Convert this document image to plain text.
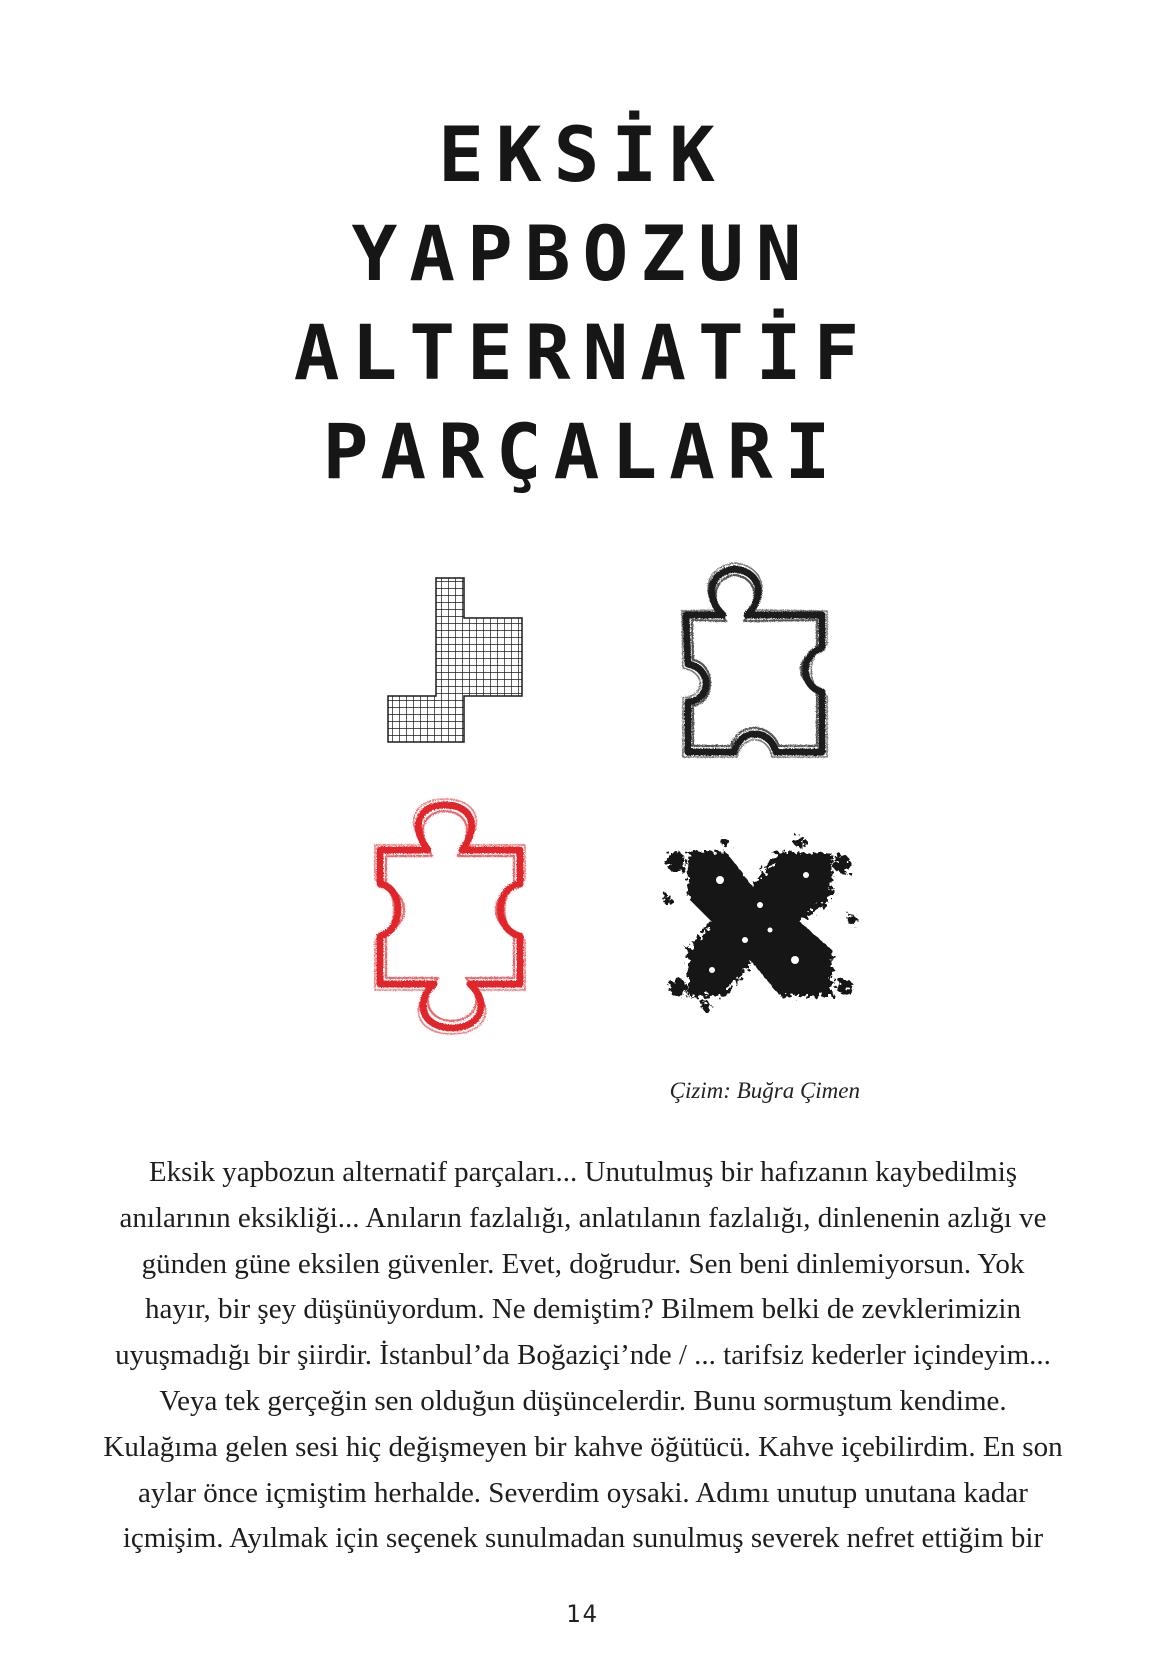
EKSİK
YAPBOZUN
ALTERNATİF
PARÇALARI
Çizim: Buğra Çimen

Eksik yapbozun alternatif parçaları... Unutulmuş bir hafızanın kaybedilmiş
anılarının eksikliği... Anıların fazlalığı, anlatılanın fazlalığı, dinlenenin azlığı ve
günden güne eksilen güvenler. Evet, doğrudur. Sen beni dinlemiyorsun. Yok
hayır, bir şey düşünüyordum. Ne demiştim? Bilmem belki de zevklerimizin
uyuşmadığı bir şiirdir. İstanbul’da Boğaziçi’nde / ... tarifsiz kederler içindeyim...
Veya tek gerçeğin sen olduğun düşüncelerdir. Bunu sormuştum kendime.
Kulağıma gelen sesi hiç değişmeyen bir kahve öğütücü. Kahve içebilirdim. En son
aylar önce içmiştim herhalde. Severdim oysaki. Adımı unutup unutana kadar
içmişim. Ayılmak için seçenek sunulmadan sunulmuş severek nefret ettiğim bir

14
